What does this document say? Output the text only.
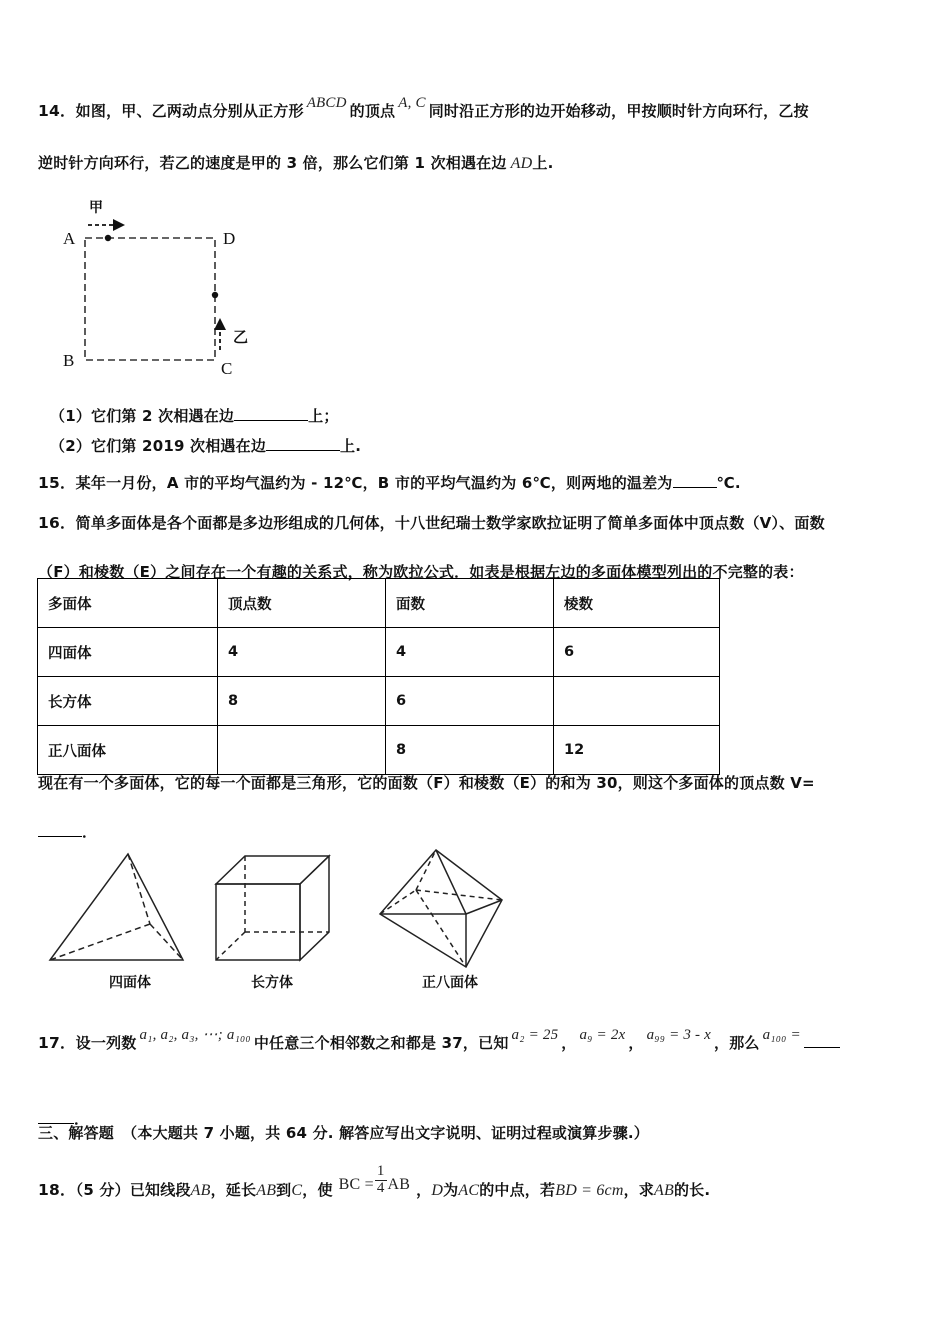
14．如图，甲、乙两动点分别从正方形 ABCD 的顶点 A, C 同时沿正方形的边开始移动，甲按顺时针方向环行，乙按
逆时针方向环行，若乙的速度是甲的 3 倍，那么它们第 1 次相遇在边 AD上.
A	D
B	C
甲
乙
（1）它们第 2 次相遇在边	上；
（2）它们第 2019 次相遇在边	上.
15．某年一月份，A 市的平均气温约为 - 12℃，B 市的平均气温约为 6℃，则两地的温差为	℃.
16．简单多面体是各个面都是多边形组成的几何体，十八世纪瑞士数学家欧拉证明了简单多面体中顶点数（V）、面数
（F）和棱数（E）之间存在一个有趣的关系式，称为欧拉公式．如表是根据左边的多面体模型列出的不完整的表：
多面体	顶点数	面数	棱数
四面体	4	4	6
长方体	8	6	
正八面体		8	12
现在有一个多面体，它的每一个面都是三角形，它的面数（F）和棱数（E）的和为 30，则这个多面体的顶点数 V=
．
四面体	长方体	正八面体
17．设一列数 a₁, a₂, a₃, ⋯; a₁₀₀ 中任意三个相邻数之和都是 37，已知 a₂ = 25 ， a₉ = 2x ， a₉₉ = 3 - x ，那么 a₁₀₀ =
．
三、解答题 （本大题共 7 小题，共 64 分. 解答应写出文字说明、证明过程或演算步骤.）
18．（5 分）已知线段AB，延长AB到C，使 BC = $\frac{1}{4}$ AB ，D为AC的中点，若BD = 6cm，求AB的长.
